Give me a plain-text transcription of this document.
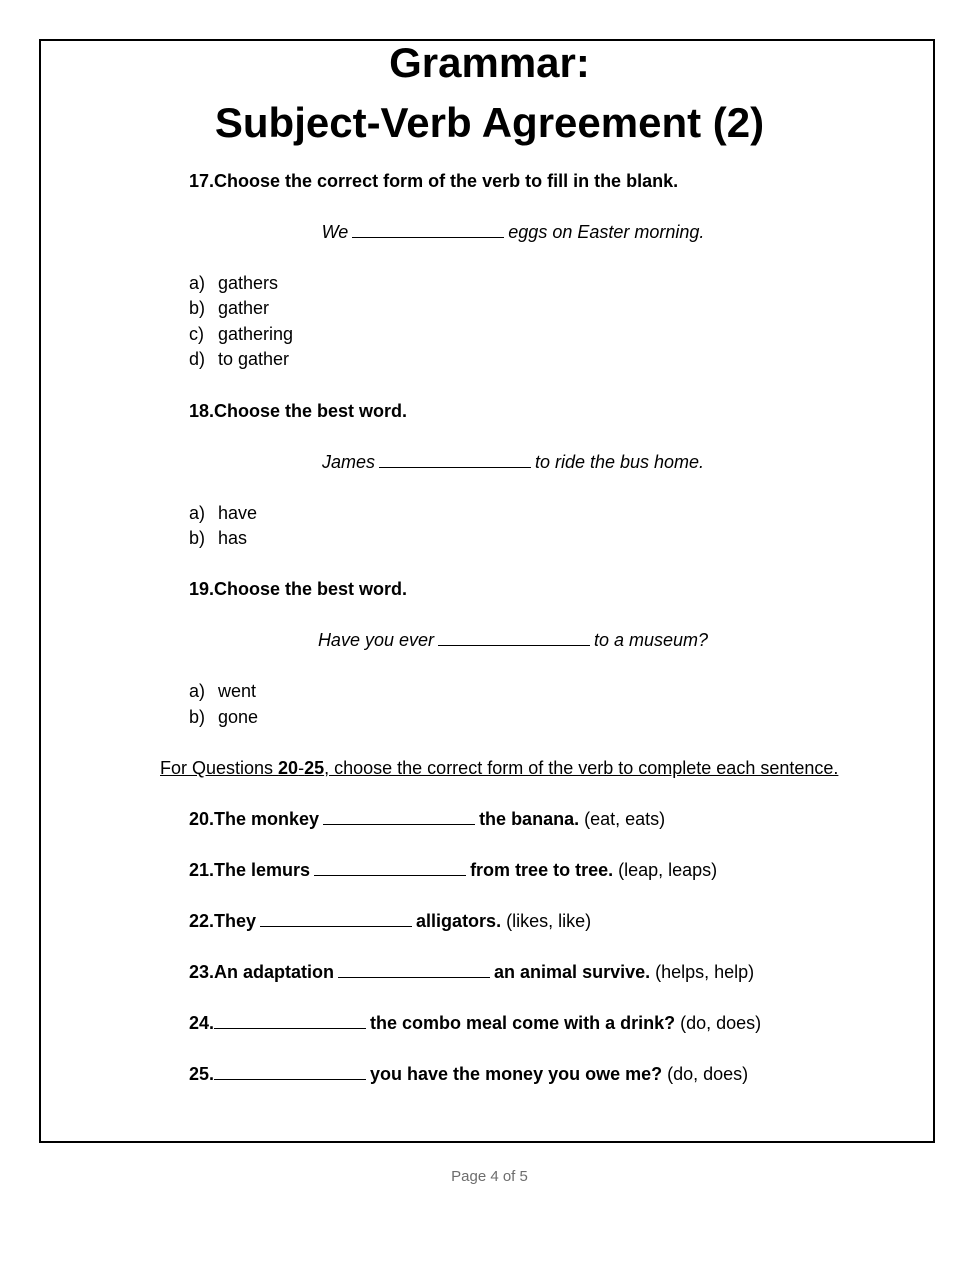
Grammar:
Subject-Verb Agreement (2)
17.Choose the correct form of the verb to fill in the blank.
We	eggs on Easter morning.
a) gathers
b) gather
c) gathering
d) to gather
18.Choose the best word.
James	to ride the bus home.
a) have
b) has
19.Choose the best word.
Have you ever	to a museum?
a) went
b) gone
For Questions 20-25, choose the correct form of the verb to complete each sentence.
20.The monkey	the banana. (eat, eats)
21.The lemurs	from tree to tree. (leap, leaps)
22.They	alligators. (likes, like)
23.An adaptation	an animal survive. (helps, help)
24.	the combo meal come with a drink? (do, does)
25.	you have the money you owe me? (do, does)
Page 4 of 5
